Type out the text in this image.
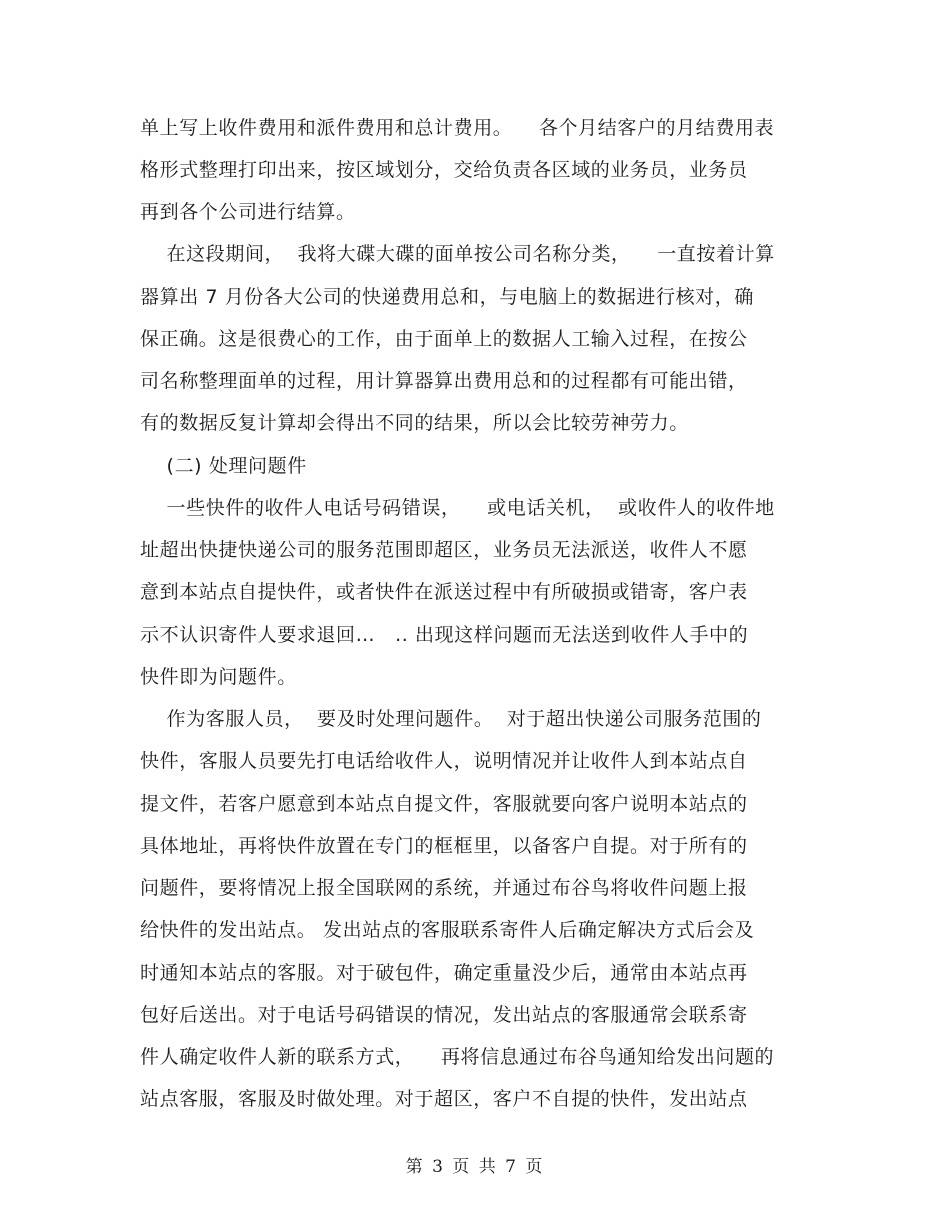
单上写上收件费用和派件费用和总计费用。    各个月结客户的月结费用表
格形式整理打印出来，按区域划分，交给负责各区域的业务员，业务员
再到各个公司进行结算。
在这段期间，  我将大碟大碟的面单按公司名称分类，    一直按着计算
器算出 7 月份各大公司的快递费用总和，与电脑上的数据进行核对，确
保正确。这是很费心的工作，由于面单上的数据人工输入过程，在按公
司名称整理面单的过程，用计算器算出费用总和的过程都有可能出错，
有的数据反复计算却会得出不同的结果，所以会比较劳神劳力。
(二) 处理问题件
一些快件的收件人电话号码错误，    或电话关机，  或收件人的收件地
址超出快捷快递公司的服务范围即超区，业务员无法派送，收件人不愿
意到本站点自提快件，或者快件在派送过程中有所破损或错寄，客户表
示不认识寄件人要求退回…   .. 出现这样问题而无法送到收件人手中的
快件即为问题件。
作为客服人员，  要及时处理问题件。  对于超出快递公司服务范围的
快件，客服人员要先打电话给收件人，说明情况并让收件人到本站点自
提文件，若客户愿意到本站点自提文件，客服就要向客户说明本站点的
具体地址，再将快件放置在专门的框框里，以备客户自提。对于所有的
问题件，要将情况上报全国联网的系统，并通过布谷鸟将收件问题上报
给快件的发出站点。 发出站点的客服联系寄件人后确定解决方式后会及
时通知本站点的客服。对于破包件，确定重量没少后，通常由本站点再
包好后送出。对于电话号码错误的情况，发出站点的客服通常会联系寄
件人确定收件人新的联系方式，    再将信息通过布谷鸟通知给发出问题的
站点客服，客服及时做处理。对于超区，客户不自提的快件，发出站点
第 3 页 共 7 页
